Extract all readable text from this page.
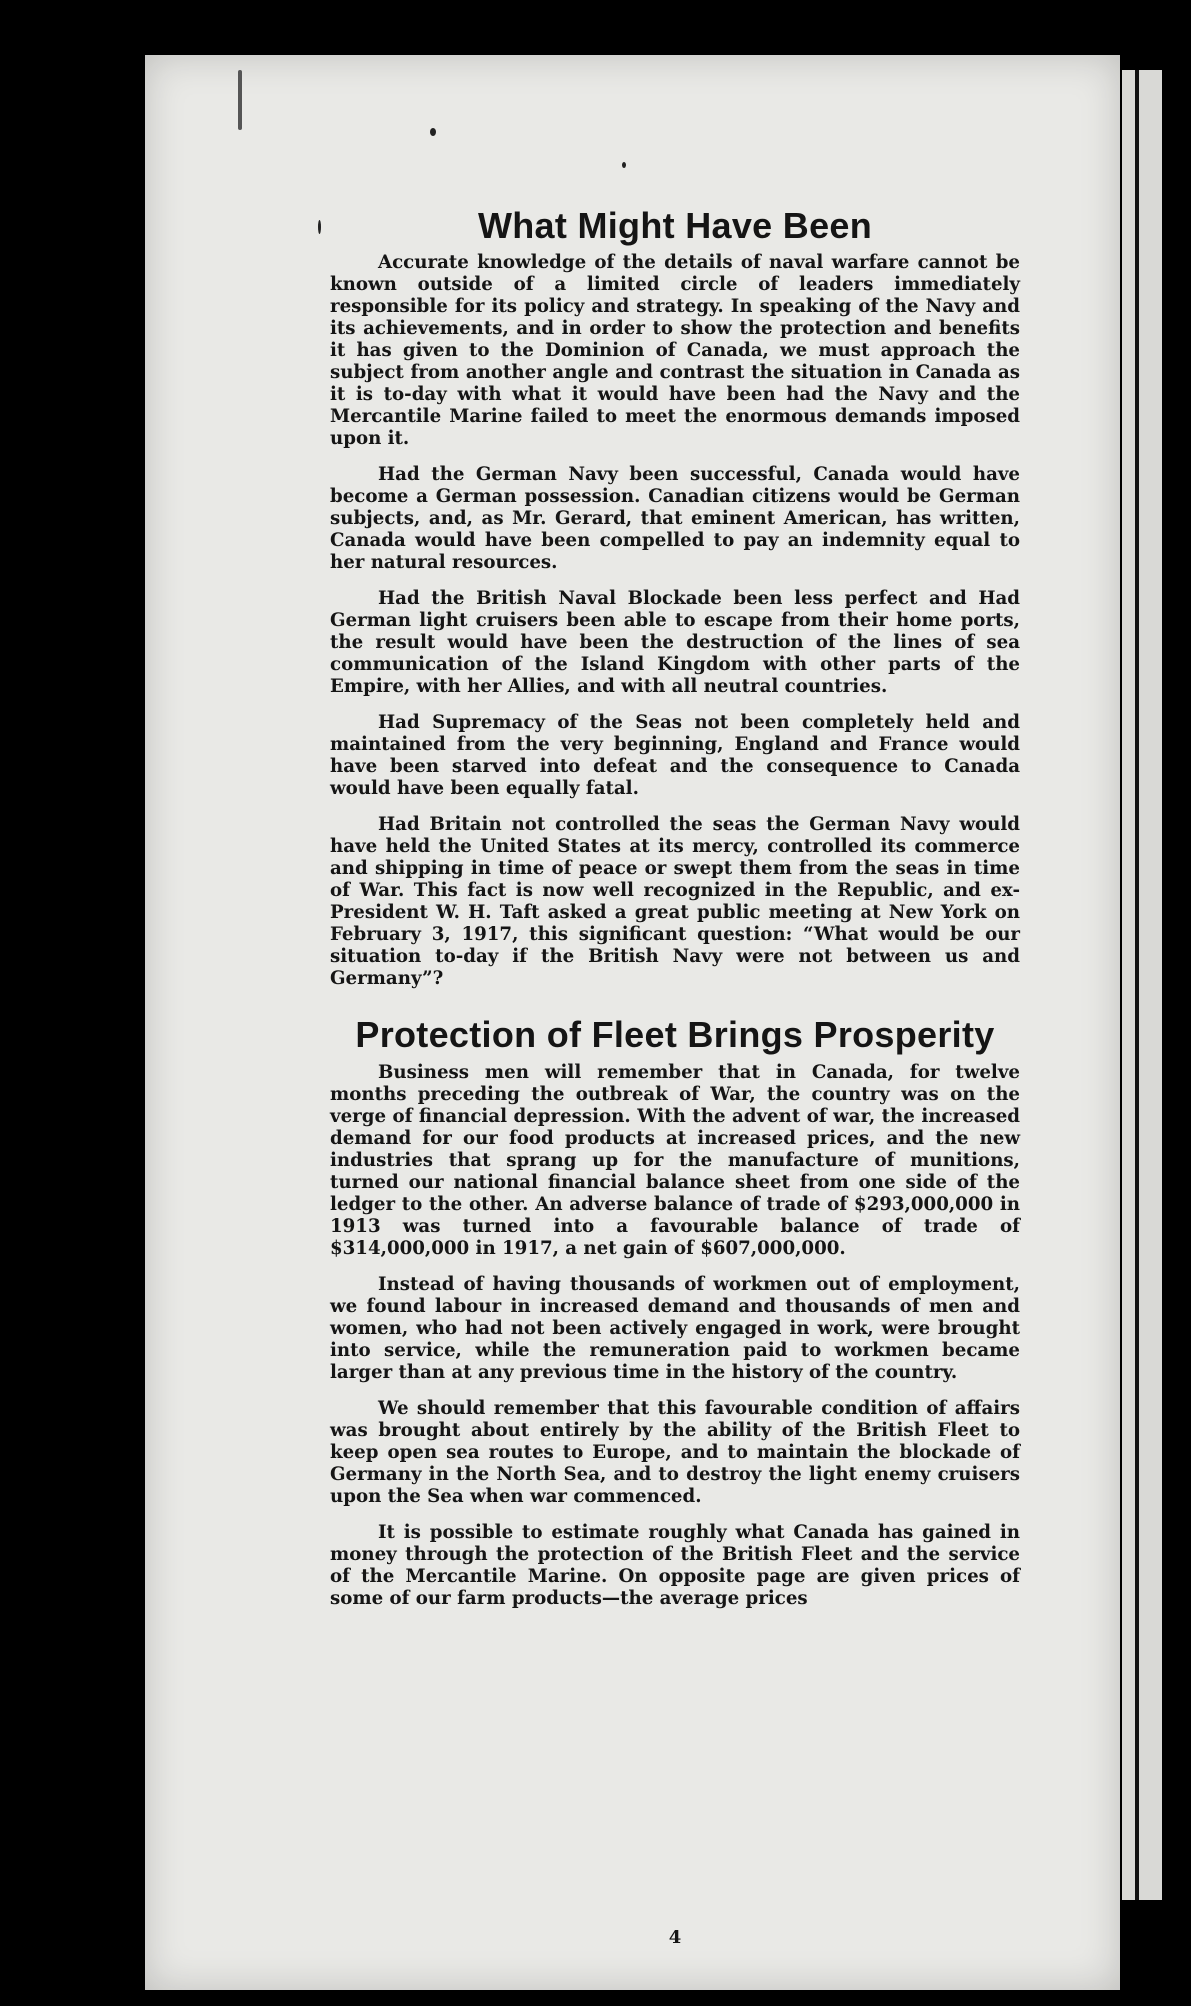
What Might Have Been

Accurate knowledge of the details of naval warfare cannot be known outside of a limited circle of leaders immediately responsible for its policy and strategy. In speaking of the Navy and its achievements, and in order to show the protection and benefits it has given to the Dominion of Canada, we must approach the subject from another angle and contrast the situation in Canada as it is to-day with what it would have been had the Navy and the Mercantile Marine failed to meet the enormous demands imposed upon it.

Had the German Navy been successful, Canada would have become a German possession. Canadian citizens would be German subjects, and, as Mr. Gerard, that eminent American, has written, Canada would have been compelled to pay an indemnity equal to her natural resources.

Had the British Naval Blockade been less perfect and Had German light cruisers been able to escape from their home ports, the result would have been the destruction of the lines of sea communication of the Island Kingdom with other parts of the Empire, with her Allies, and with all neutral countries.

Had Supremacy of the Seas not been completely held and maintained from the very beginning, England and France would have been starved into defeat and the consequence to Canada would have been equally fatal.

Had Britain not controlled the seas the German Navy would have held the United States at its mercy, controlled its commerce and shipping in time of peace or swept them from the seas in time of War. This fact is now well recognized in the Republic, and ex-President W. H. Taft asked a great public meeting at New York on February 3, 1917, this significant question: “What would be our situation to-day if the British Navy were not between us and Germany”?

Protection of Fleet Brings Prosperity

Business men will remember that in Canada, for twelve months preceding the outbreak of War, the country was on the verge of financial depression. With the advent of war, the increased demand for our food products at increased prices, and the new industries that sprang up for the manufacture of munitions, turned our national financial balance sheet from one side of the ledger to the other. An adverse balance of trade of $293,000,000 in 1913 was turned into a favourable balance of trade of $314,000,000 in 1917, a net gain of $607,000,000.

Instead of having thousands of workmen out of employment, we found labour in increased demand and thousands of men and women, who had not been actively engaged in work, were brought into service, while the remuneration paid to workmen became larger than at any previous time in the history of the country.

We should remember that this favourable condition of affairs was brought about entirely by the ability of the British Fleet to keep open sea routes to Europe, and to maintain the blockade of Germany in the North Sea, and to destroy the light enemy cruisers upon the Sea when war commenced.

It is possible to estimate roughly what Canada has gained in money through the protection of the British Fleet and the service of the Mercantile Marine. On opposite page are given prices of some of our farm products—the average prices

4
